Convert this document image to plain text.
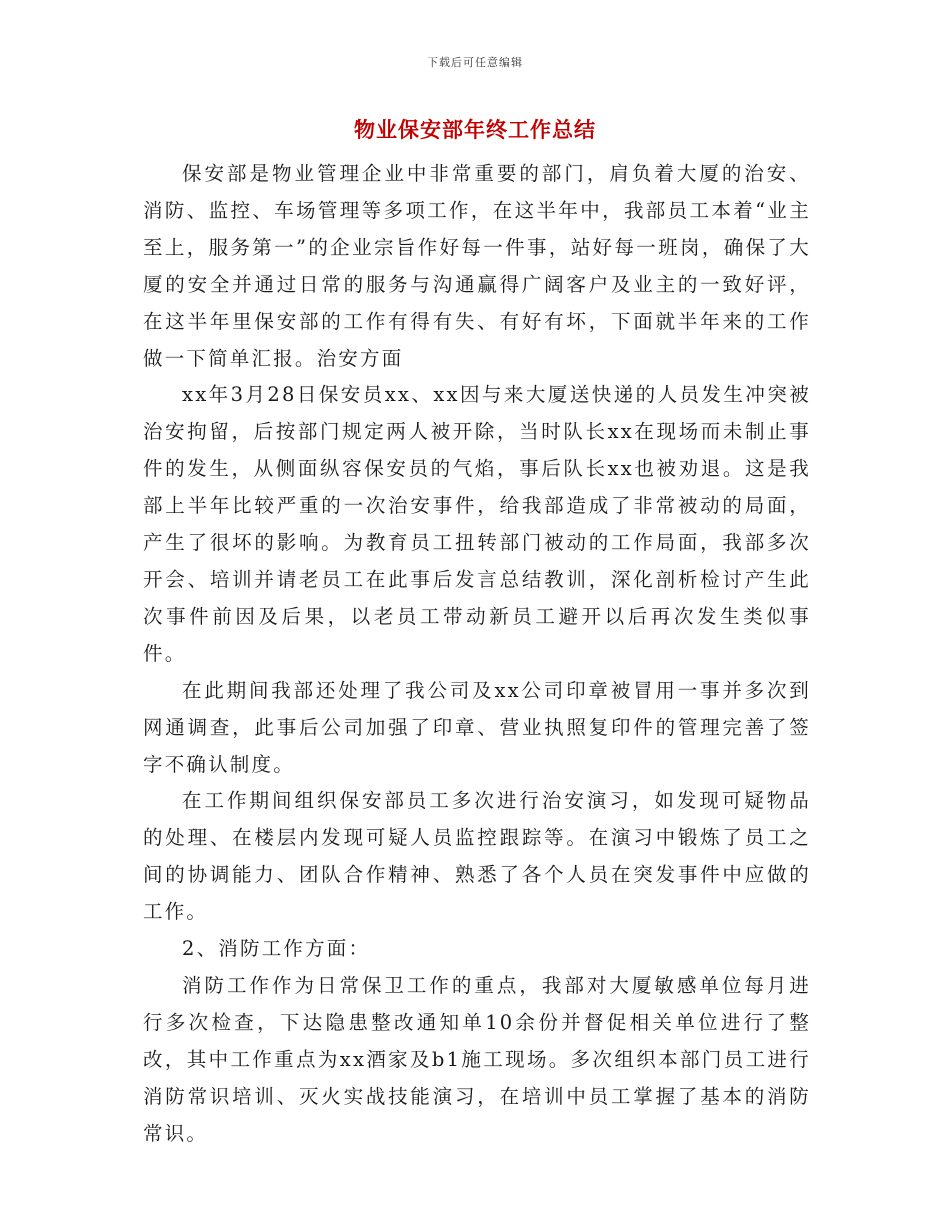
下载后可任意编辑
物业保安部年终工作总结

保安部是物业管理企业中非常重要的部门，肩负着大厦的治安、消防、监控、车场管理等多项工作，在这半年中，我部员工本着“业主至上，服务第一”的企业宗旨作好每一件事，站好每一班岗，确保了大厦的安全并通过日常的服务与沟通赢得广阔客户及业主的一致好评，在这半年里保安部的工作有得有失、有好有坏，下面就半年来的工作做一下简单汇报。治安方面

xx年3月28日保安员xx、xx因与来大厦送快递的人员发生冲突被治安拘留，后按部门规定两人被开除，当时队长xx在现场而未制止事件的发生，从侧面纵容保安员的气焰，事后队长xx也被劝退。这是我部上半年比较严重的一次治安事件，给我部造成了非常被动的局面，产生了很坏的影响。为教育员工扭转部门被动的工作局面，我部多次开会、培训并请老员工在此事后发言总结教训，深化剖析检讨产生此次事件前因及后果，以老员工带动新员工避开以后再次发生类似事件。

在此期间我部还处理了我公司及xx公司印章被冒用一事并多次到网通调查，此事后公司加强了印章、营业执照复印件的管理完善了签字不确认制度。

在工作期间组织保安部员工多次进行治安演习，如发现可疑物品的处理、在楼层内发现可疑人员监控跟踪等。在演习中锻炼了员工之间的协调能力、团队合作精神、熟悉了各个人员在突发事件中应做的工作。

2、消防工作方面：

消防工作作为日常保卫工作的重点，我部对大厦敏感单位每月进行多次检查，下达隐患整改通知单10余份并督促相关单位进行了整改，其中工作重点为xx酒家及b1施工现场。多次组织本部门员工进行消防常识培训、灭火实战技能演习，在培训中员工掌握了基本的消防常识。
